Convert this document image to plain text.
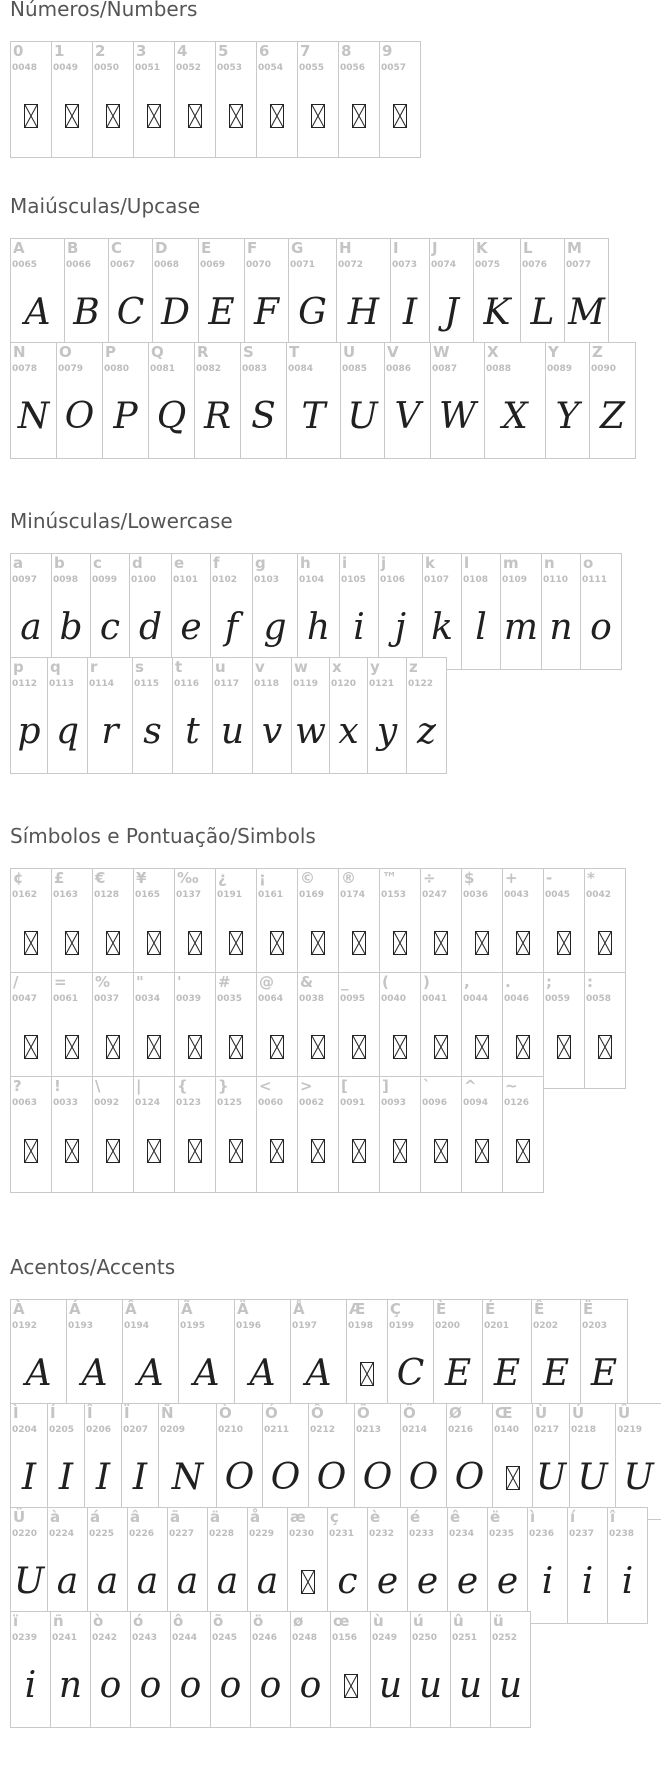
Números/Numbers
Maiúsculas/Upcase
Minúsculas/Lowercase
Símbolos e Pontuação/Simbols
Acentos/Accents
0
0048
1
0049
2
0050
3
0051
4
0052
5
0053
6
0054
7
0055
8
0056
9
0057
A
0065
A
B
0066
B
C
0067
C
D
0068
D
E
0069
E
F
0070
F
G
0071
G
H
0072
H
I
0073
I
J
0074
J
K
0075
K
L
0076
L
M
0077
M
N
0078
N
O
0079
O
P
0080
P
Q
0081
Q
R
0082
R
S
0083
S
T
0084
T
U
0085
U
V
0086
V
W
0087
W
X
0088
X
Y
0089
Y
Z
0090
Z
a
0097
a
b
0098
b
c
0099
c
d
0100
d
e
0101
e
f
0102
f
g
0103
g
h
0104
h
i
0105
i
j
0106
j
k
0107
k
l
0108
l
m
0109
m
n
0110
n
o
0111
o
p
0112
p
q
0113
q
r
0114
r
s
0115
s
t
0116
t
u
0117
u
v
0118
v
w
0119
w
x
0120
x
y
0121
y
z
0122
z
¢
0162
£
0163
€
0128
¥
0165
‰
0137
¿
0191
¡
0161
©
0169
®
0174
™
0153
÷
0247
$
0036
+
0043
-
0045
*
0042
/
0047
=
0061
%
0037
"
0034
'
0039
#
0035
@
0064
&
0038
_
0095
(
0040
)
0041
,
0044
.
0046
;
0059
:
0058
?
0063
!
0033
\
0092
|
0124
{
0123
}
0125
<
0060
>
0062
[
0091
]
0093
`
0096
^
0094
~
0126
À
0192
A
Á
0193
A
Â
0194
A
Ã
0195
A
Ä
0196
A
Å
0197
A
Æ
0198
Ç
0199
C
È
0200
E
É
0201
E
Ê
0202
E
Ë
0203
E
Ì
0204
I
Í
0205
I
Î
0206
I
Ï
0207
I
Ñ
0209
N
Ò
0210
O
Ó
0211
O
Ô
0212
O
Õ
0213
O
Ö
0214
O
Ø
0216
O
Œ
0140
Ù
0217
U
Ú
0218
U
Û
0219
U
Ü
0220
U
à
0224
a
á
0225
a
â
0226
a
ã
0227
a
ä
0228
a
å
0229
a
æ
0230
ç
0231
c
è
0232
e
é
0233
e
ê
0234
e
ë
0235
e
ì
0236
i
í
0237
i
î
0238
i
ï
0239
i
ñ
0241
n
ò
0242
o
ó
0243
o
ô
0244
o
õ
0245
o
ö
0246
o
ø
0248
o
œ
0156
ù
0249
u
ú
0250
u
û
0251
u
ü
0252
u
